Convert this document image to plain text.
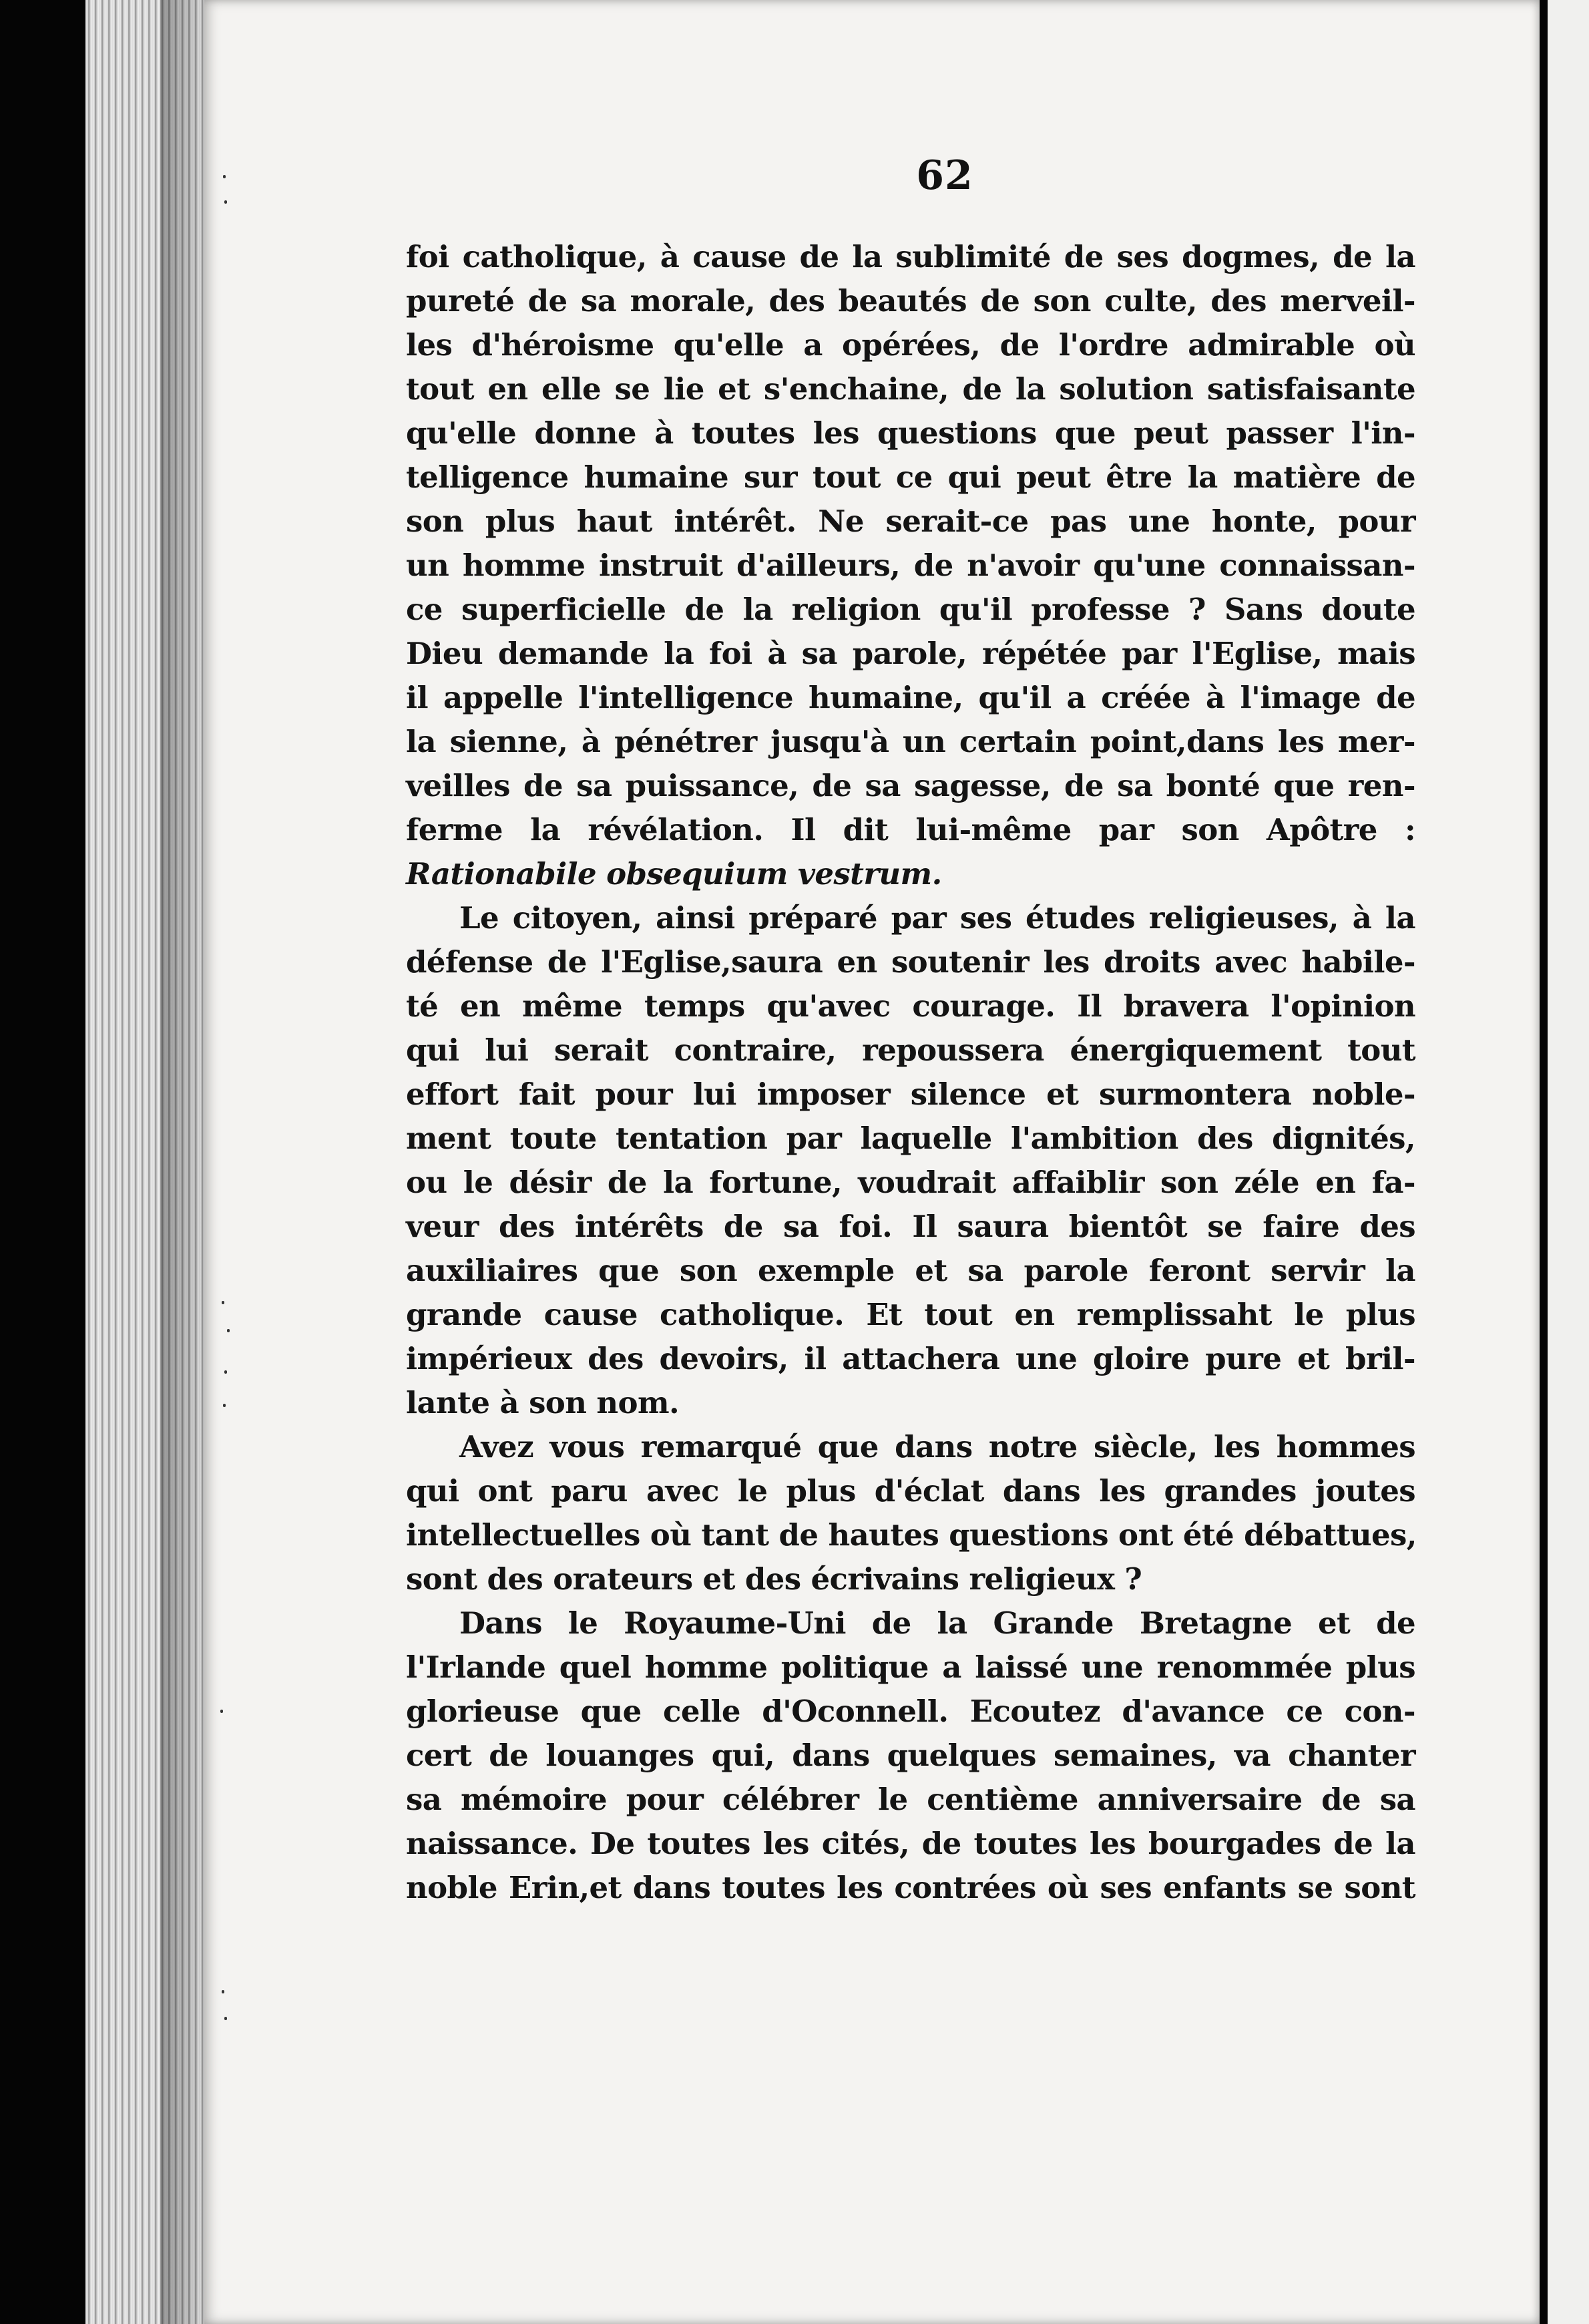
62
foi catholique, à cause de la sublimité de ses dogmes, de la
pureté de sa morale, des beautés de son culte, des merveil-
les d'héroisme qu'elle a opérées, de l'ordre admirable où
tout en elle se lie et s'enchaine, de la solution satisfaisante
qu'elle donne à toutes les questions que peut passer l'in-
telligence humaine sur tout ce qui peut être la matière de
son plus haut intérêt. Ne serait-ce pas une honte, pour
un homme instruit d'ailleurs, de n'avoir qu'une connaissan-
ce superficielle de la religion qu'il professe ? Sans doute
Dieu demande la foi à sa parole, répétée par l'Eglise, mais
il appelle l'intelligence humaine, qu'il a créée à l'image de
la sienne, à pénétrer jusqu'à un certain point,dans les mer-
veilles de sa puissance, de sa sagesse, de sa bonté que ren-
ferme la révélation. Il dit lui-même par son Apôtre :
Rationabile obsequium vestrum.
Le citoyen, ainsi préparé par ses études religieuses, à la
défense de l'Eglise,saura en soutenir les droits avec habile-
té en même temps qu'avec courage. Il bravera l'opinion
qui lui serait contraire, repoussera énergiquement tout
effort fait pour lui imposer silence et surmontera noble-
ment toute tentation par laquelle l'ambition des dignités,
ou le désir de la fortune, voudrait affaiblir son zéle en fa-
veur des intérêts de sa foi. Il saura bientôt se faire des
auxiliaires que son exemple et sa parole feront servir la
grande cause catholique. Et tout en remplissaht le plus
impérieux des devoirs, il attachera une gloire pure et bril-
lante à son nom.
Avez vous remarqué que dans notre siècle, les hommes
qui ont paru avec le plus d'éclat dans les grandes joutes
intellectuelles où tant de hautes questions ont été débattues,
sont des orateurs et des écrivains religieux ?
Dans le Royaume-Uni de la Grande Bretagne et de
l'Irlande quel homme politique a laissé une renommée plus
glorieuse que celle d'Oconnell. Ecoutez d'avance ce con-
cert de louanges qui, dans quelques semaines, va chanter
sa mémoire pour célébrer le centième anniversaire de sa
naissance. De toutes les cités, de toutes les bourgades de la
noble Erin,et dans toutes les contrées où ses enfants se sont
